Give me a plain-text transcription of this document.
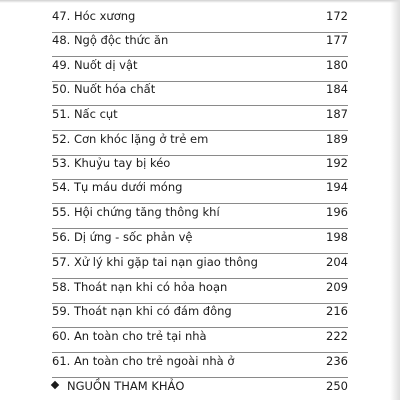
47. Hóc xương	172
48. Ngộ độc thức ăn	177
49. Nuốt dị vật	180
50. Nuốt hóa chất	184
51. Nấc cụt	187
52. Cơn khóc lặng ở trẻ em	189
53. Khuỷu tay bị kéo	192
54. Tụ máu dưới móng	194
55. Hội chứng tăng thông khí	196
56. Dị ứng - sốc phản vệ	198
57. Xử lý khi gặp tai nạn giao thông	204
58. Thoát nạn khi có hỏa hoạn	209
59. Thoát nạn khi có đám đông	216
60. An toàn cho trẻ tại nhà	222
61. An toàn cho trẻ ngoài nhà ở	236
NGUỒN THAM KHẢO	250
